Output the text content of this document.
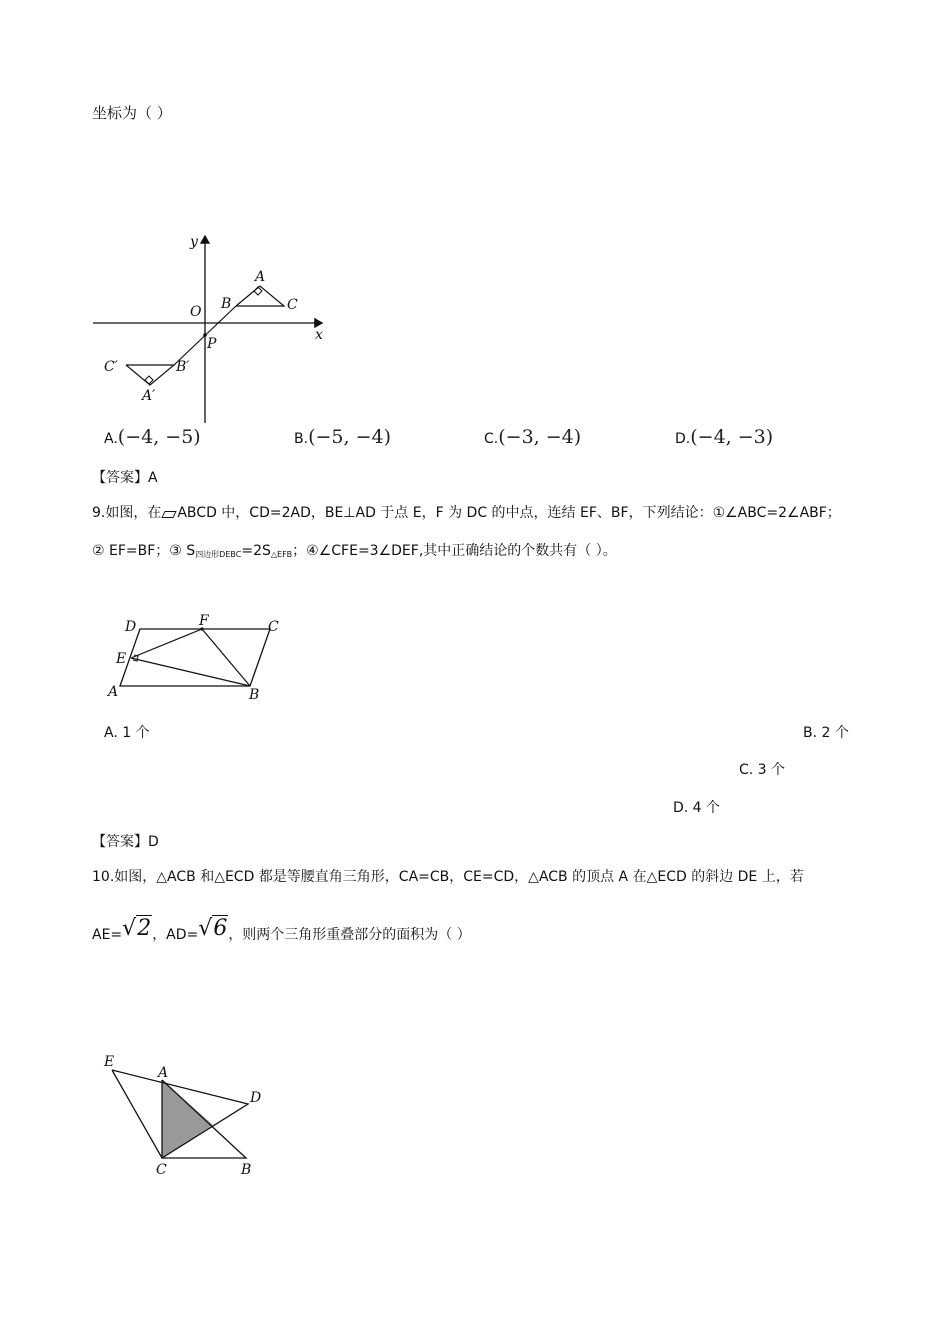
坐标为（ ）
y
x
O
P
A
B	C
C′	B′
A′
A.(−4, −5)	B.(−5, −4)	C.(−3, −4)	D.(−4, −3)
【答案】A
9.如图，在 ABCD 中，CD=2AD，BE⊥AD 于点 E，F 为 DC 的中点，连结 EF、BF，下列结论：①∠ABC=2∠ABF；
② EF=BF；③ $S_{四边形DEBC}=2S_{\triangle EFB}$；④∠CFE=3∠DEF,其中正确结论的个数共有（ ）。
D	F	C
E
A	B
A. 1 个	B. 2 个
C. 3 个
D. 4 个
【答案】D
10.如图，△ACB 和△ECD 都是等腰直角三角形，CA=CB，CE=CD，△ACB 的顶点 A 在△ECD 的斜边 DE 上，若
AE=√2，AD=√6，则两个三角形重叠部分的面积为（ ）
E
A
D
C	B
